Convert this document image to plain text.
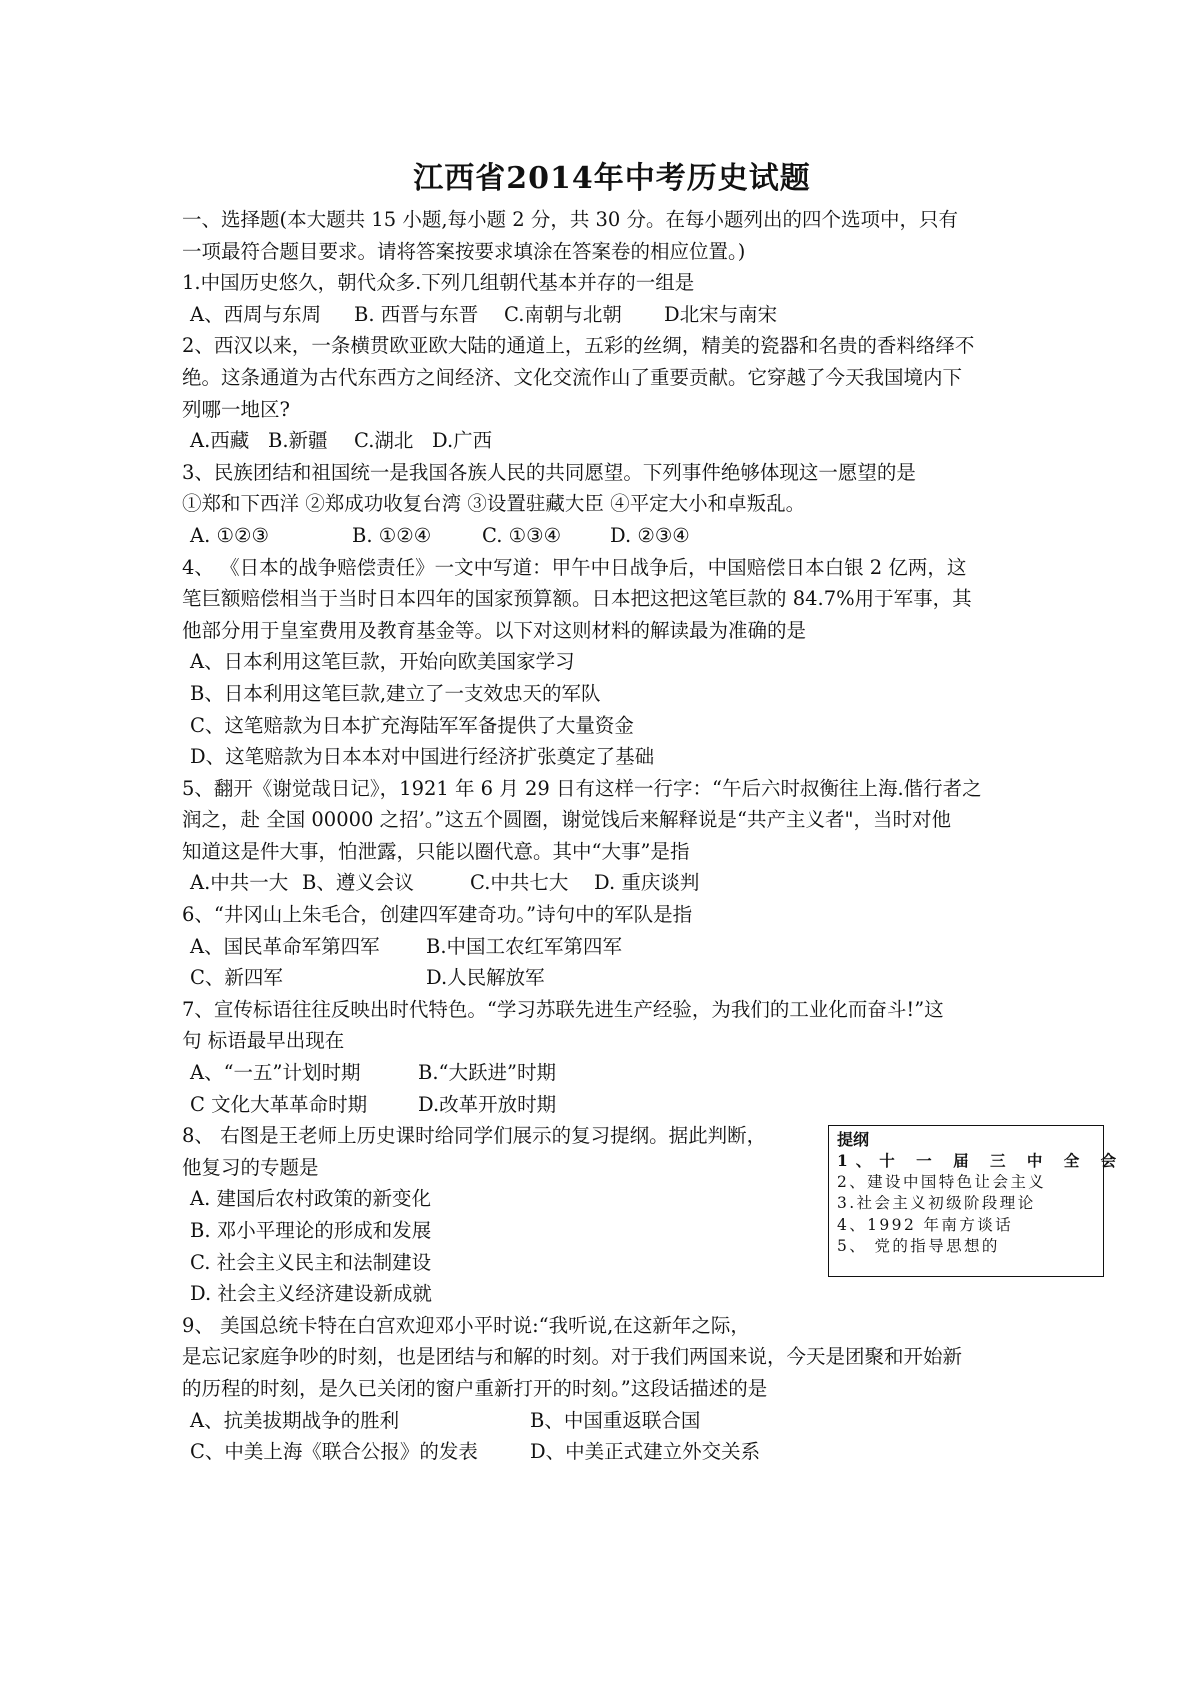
江西省2014年中考历史试题
一、选择题(本大题共 15 小题,每小题 2 分，共 30 分。在每小题列出的四个选项中，只有
一项最符合题目要求。请将答案按要求填涂在答案卷的相应位置。)
1.中国历史悠久，朝代众多.下列几组朝代基本并存的一组是
A、西周与东周 B. 西晋与东晋 C.南朝与北朝 D北宋与南宋
2、西汉以来，一条横贯欧亚欧大陆的通道上，五彩的丝绸，精美的瓷器和名贵的香料络绎不
绝。这条通道为古代东西方之间经济、文化交流作山了重要贡献。它穿越了今天我国境内下
列哪一地区?
A.西藏 B.新疆 C.湖北 D.广西
3、民族团结和祖国统一是我国各族人民的共同愿望。下列事件绝够体现这一愿望的是
①郑和下西洋 ②郑成功收复台湾 ③设置驻藏大臣 ④平定大小和卓叛乱。
A. ①②③	B. ①②④	C. ①③④	D. ②③④
4、 《日本的战争赔偿责任》一文中写道：甲午中日战争后，中国赔偿日本白银 2 亿两，这
笔巨额赔偿相当于当时日本四年的国家预算额。日本把这把这笔巨款的 84.7%用于军事，其
他部分用于皇室费用及教育基金等。以下对这则材料的解读最为准确的是
A、日本利用这笔巨款，开始向欧美国家学习
B、日本利用这笔巨款,建立了一支效忠天的军队
C、这笔赔款为日本扩充海陆军军备提供了大量资金
D、这笔赔款为日本本对中国进行经济扩张奠定了基础
5、翻开《谢觉哉日记》，1921 年 6 月 29 日有这样一行字：“午后六时叔衡往上海.偕行者之
润之，赴 全国 00000 之招’。”这五个圆圈，谢觉饯后来解释说是“共产主义者"，当时对他
知道这是件大事，怕泄露，只能以圈代意。其中“大事”是指
A.中共一大 B、遵义会议	C.中共七大 D. 重庆谈判
6、“井冈山上朱毛合，创建四军建奇功。”诗句中的军队是指
A、国民革命军第四军 B.中国工农红军第四军
C、新四军	D.人民解放军
7、宣传标语往往反映出时代特色。“学习苏联先进生产经验，为我们的工业化而奋斗!”这
句 标语最早出现在
A、“一五”计划时期	B.“大跃进”时期
C 文化大革革命时期	D.改革开放时期
8、 右图是王老师上历史课时给同学们展示的复习提纲。据此判断，
他复习的专题是
A. 建国后农村政策的新变化
B. 邓小平理论的形成和发展
C. 社会主义民主和法制建设
D. 社会主义经济建设新成就
9、 美国总统卡特在白宫欢迎邓小平时说:“我听说,在这新年之际，
是忘记家庭争吵的时刻，也是团结与和解的时刻。对于我们两国来说，今天是团聚和开始新
的历程的时刻，是久已关闭的窗户重新打开的时刻。”这段话描述的是
A、抗美拔期战争的胜利	B、中国重返联合国
C、中美上海《联合公报》的发表	D、中美正式建立外交关系
提纲
1、十 一 届 三 中 全 会
2、建设中国特色让会主义
3.社会主义初级阶段理论
4、1992 年南方谈话
5、 党的指导思想的
